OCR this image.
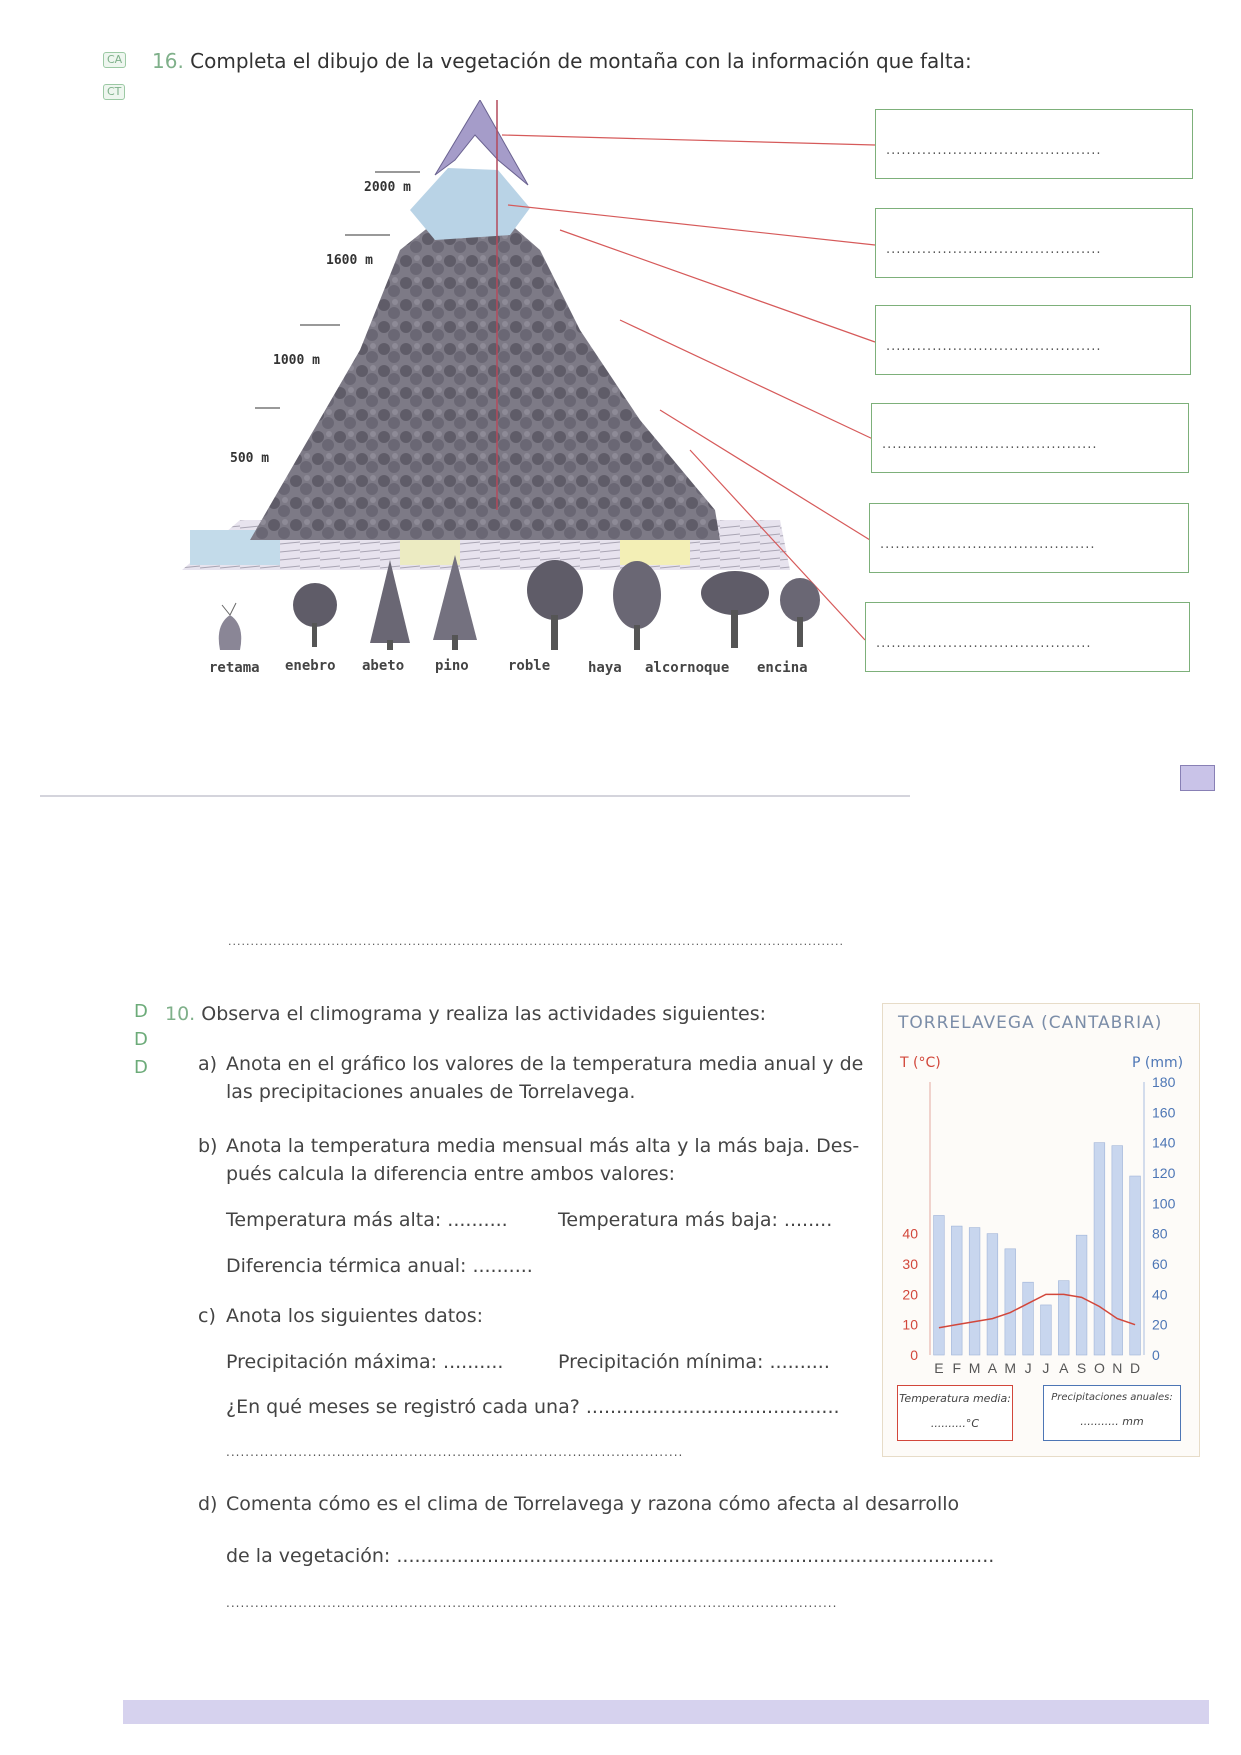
CA
CT
16. Completa el dibujo de la vegetación de montaña con la información que falta:
2000 m
1600 m
1000 m
500 m
..........................................
..........................................
..........................................
..........................................
..........................................
..........................................
retama enebro abeto pino	roble	haya alcornoque encina
.........................................................................................................................................
D
D
D
10. Observa el climograma y realiza las actividades siguientes:
a) Anota en el gráfico los valores de la temperatura media anual y de
las precipitaciones anuales de Torrelavega.
b) Anota la temperatura media mensual más alta y la más baja. Des-
pués calcula la diferencia entre ambos valores:
Temperatura más alta: ..........	Temperatura más baja: ........
Diferencia térmica anual: ..........
c) Anota los siguientes datos:
Precipitación máxima: ..........	Precipitación mínima: ..........
¿En qué meses se registró cada una? ..........................................
...............................................................................................
d) Comenta cómo es el clima de Torrelavega y razona cómo afecta al desarrollo
de la vegetación: ...................................................................................................
...............................................................................................................................
TORRELAVEGA (CANTABRIA)
T (°C)	P (mm)
0
20
40
60
80
100
120
140
160
180
0
10
20
30
40
E F M A M J J A S O N D
Temperatura media:
..........°C
Precipitaciones anuales:
........... mm
